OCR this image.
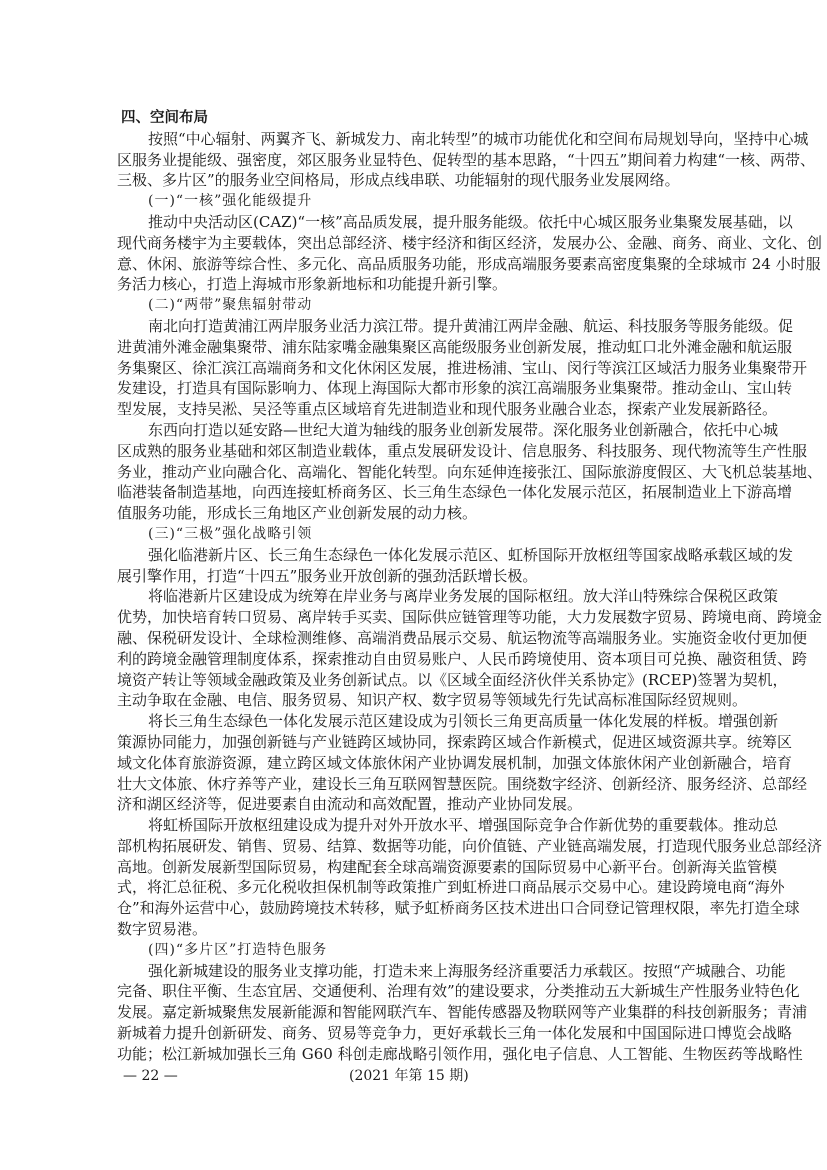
四、空间布局
按照“中心辐射、两翼齐飞、新城发力、南北转型”的城市功能优化和空间布局规划导向，坚持中心城
区服务业提能级、强密度，郊区服务业显特色、促转型的基本思路，“十四五”期间着力构建“一核、两带、
三极、多片区”的服务业空间格局，形成点线串联、功能辐射的现代服务业发展网络。
(一)“一核”强化能级提升
推动中央活动区(CAZ)“一核”高品质发展，提升服务能级。依托中心城区服务业集聚发展基础，以
现代商务楼宇为主要载体，突出总部经济、楼宇经济和街区经济，发展办公、金融、商务、商业、文化、创
意、休闲、旅游等综合性、多元化、高品质服务功能，形成高端服务要素高密度集聚的全球城市 24 小时服
务活力核心，打造上海城市形象新地标和功能提升新引擎。
(二)“两带”聚焦辐射带动
南北向打造黄浦江两岸服务业活力滨江带。提升黄浦江两岸金融、航运、科技服务等服务能级。促
进黄浦外滩金融集聚带、浦东陆家嘴金融集聚区高能级服务业创新发展，推动虹口北外滩金融和航运服
务集聚区、徐汇滨江高端商务和文化休闲区发展，推进杨浦、宝山、闵行等滨江区域活力服务业集聚带开
发建设，打造具有国际影响力、体现上海国际大都市形象的滨江高端服务业集聚带。推动金山、宝山转
型发展，支持吴淞、吴泾等重点区域培育先进制造业和现代服务业融合业态，探索产业发展新路径。
东西向打造以延安路—世纪大道为轴线的服务业创新发展带。深化服务业创新融合，依托中心城
区成熟的服务业基础和郊区制造业载体，重点发展研发设计、信息服务、科技服务、现代物流等生产性服
务业，推动产业向融合化、高端化、智能化转型。向东延伸连接张江、国际旅游度假区、大飞机总装基地、
临港装备制造基地，向西连接虹桥商务区、长三角生态绿色一体化发展示范区，拓展制造业上下游高增
值服务功能，形成长三角地区产业创新发展的动力核。
(三)“三极”强化战略引领
强化临港新片区、长三角生态绿色一体化发展示范区、虹桥国际开放枢纽等国家战略承载区域的发
展引擎作用，打造“十四五”服务业开放创新的强劲活跃增长极。
将临港新片区建设成为统筹在岸业务与离岸业务发展的国际枢纽。放大洋山特殊综合保税区政策
优势，加快培育转口贸易、离岸转手买卖、国际供应链管理等功能，大力发展数字贸易、跨境电商、跨境金
融、保税研发设计、全球检测维修、高端消费品展示交易、航运物流等高端服务业。实施资金收付更加便
利的跨境金融管理制度体系，探索推动自由贸易账户、人民币跨境使用、资本项目可兑换、融资租赁、跨
境资产转让等领域金融政策及业务创新试点。以《区域全面经济伙伴关系协定》(RCEP)签署为契机，
主动争取在金融、电信、服务贸易、知识产权、数字贸易等领域先行先试高标准国际经贸规则。
将长三角生态绿色一体化发展示范区建设成为引领长三角更高质量一体化发展的样板。增强创新
策源协同能力，加强创新链与产业链跨区域协同，探索跨区域合作新模式，促进区域资源共享。统筹区
域文化体育旅游资源，建立跨区域文体旅休闲产业协调发展机制，加强文体旅休闲产业创新融合，培育
壮大文体旅、休疗养等产业，建设长三角互联网智慧医院。围绕数字经济、创新经济、服务经济、总部经
济和湖区经济等，促进要素自由流动和高效配置，推动产业协同发展。
将虹桥国际开放枢纽建设成为提升对外开放水平、增强国际竞争合作新优势的重要载体。推动总
部机构拓展研发、销售、贸易、结算、数据等功能，向价值链、产业链高端发展，打造现代服务业总部经济
高地。创新发展新型国际贸易，构建配套全球高端资源要素的国际贸易中心新平台。创新海关监管模
式，将汇总征税、多元化税收担保机制等政策推广到虹桥进口商品展示交易中心。建设跨境电商“海外
仓”和海外运营中心，鼓励跨境技术转移，赋予虹桥商务区技术进出口合同登记管理权限，率先打造全球
数字贸易港。
(四)“多片区”打造特色服务
强化新城建设的服务业支撑功能，打造未来上海服务经济重要活力承载区。按照“产城融合、功能
完备、职住平衡、生态宜居、交通便利、治理有效”的建设要求，分类推动五大新城生产性服务业特色化
发展。嘉定新城聚焦发展新能源和智能网联汽车、智能传感器及物联网等产业集群的科技创新服务；青浦
新城着力提升创新研发、商务、贸易等竞争力，更好承载长三角一体化发展和中国国际进口博览会战略
功能；松江新城加强长三角 G60 科创走廊战略引领作用，强化电子信息、人工智能、生物医药等战略性
— 22 —	(2021 年第 15 期)
